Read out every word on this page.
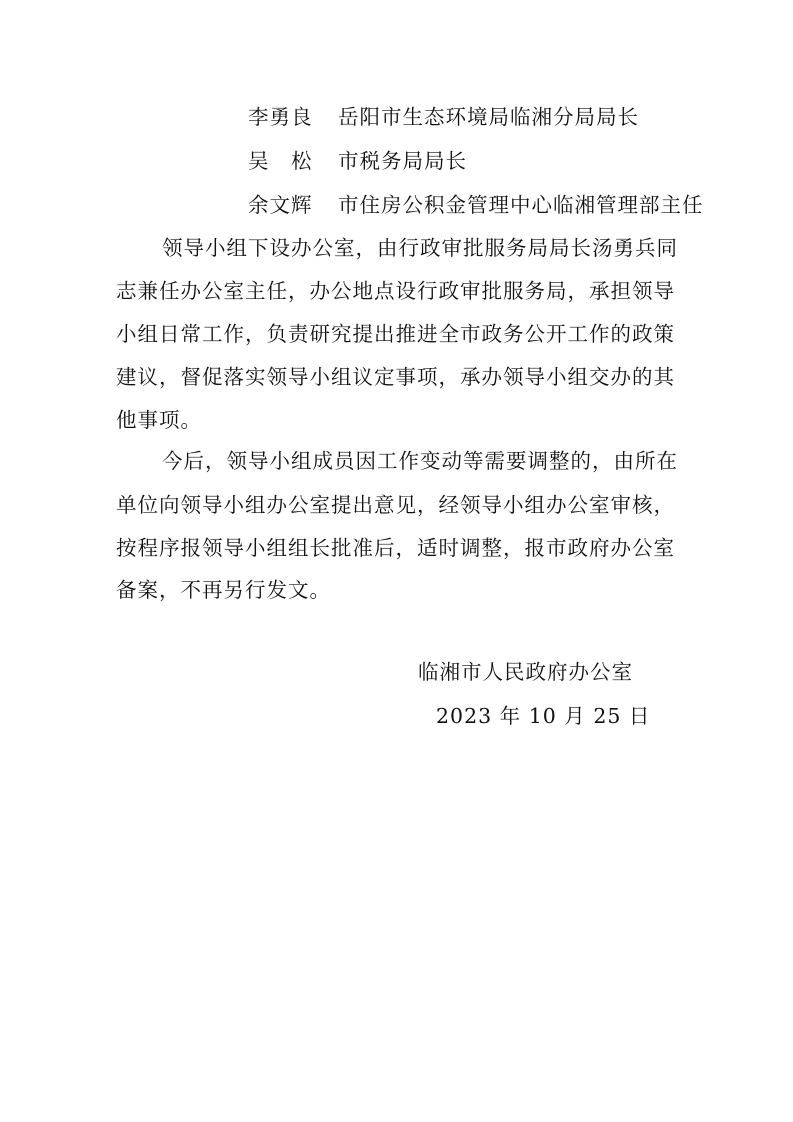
李勇良 岳阳市生态环境局临湘分局局长
吴　松 市税务局局长
余文辉 市住房公积金管理中心临湘管理部主任
领导小组下设办公室，由行政审批服务局局长汤勇兵同
志兼任办公室主任，办公地点设行政审批服务局，承担领导
小组日常工作，负责研究提出推进全市政务公开工作的政策
建议，督促落实领导小组议定事项，承办领导小组交办的其
他事项。
今后，领导小组成员因工作变动等需要调整的，由所在
单位向领导小组办公室提出意见，经领导小组办公室审核，
按程序报领导小组组长批准后，适时调整，报市政府办公室
备案，不再另行发文。
临湘市人民政府办公室
2023 年 10 月 25 日
